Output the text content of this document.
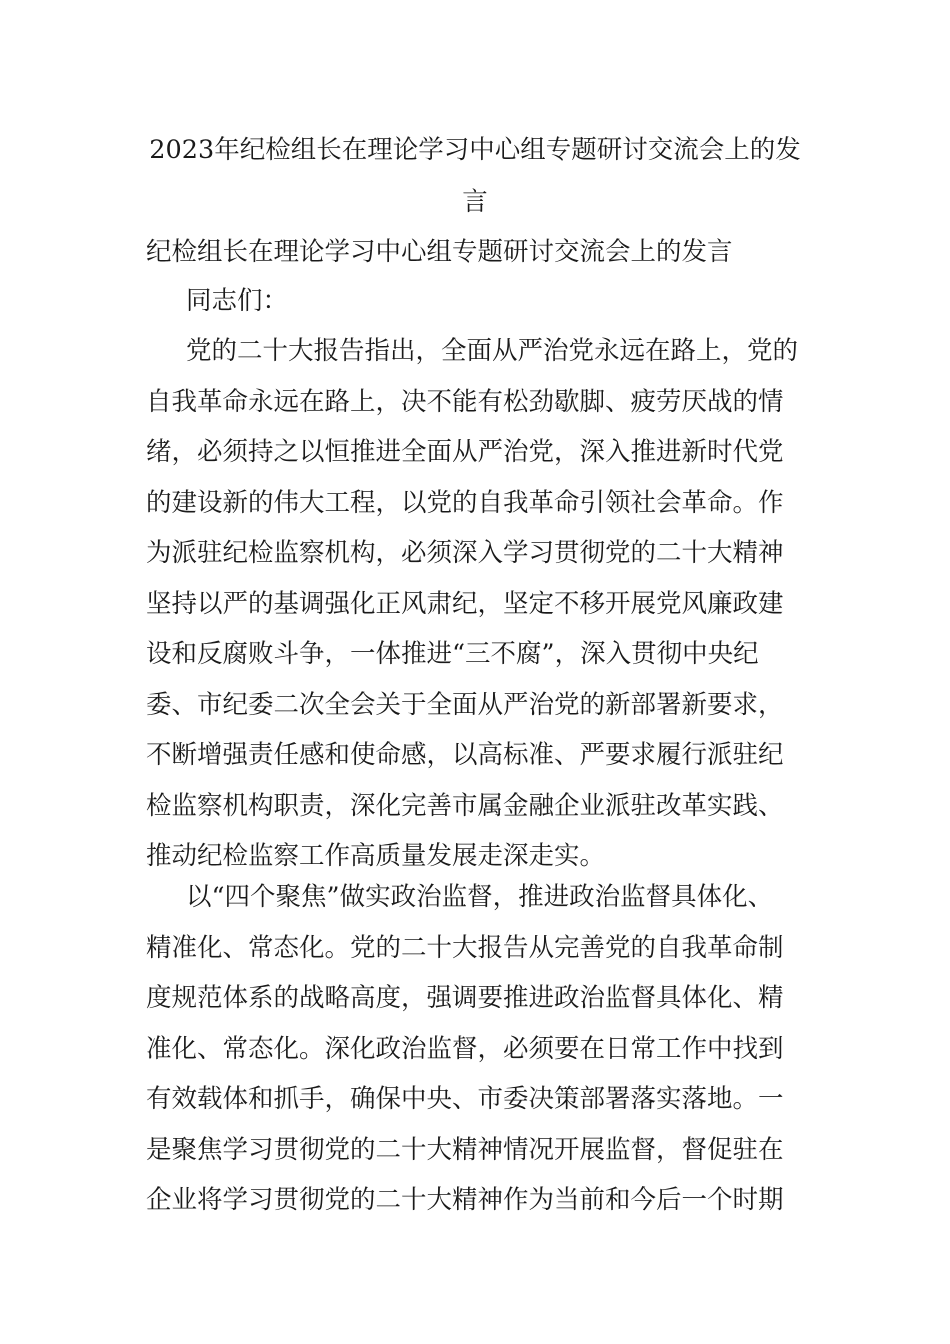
2023年纪检组长在理论学习中心组专题研讨交流会上的发
言

纪检组长在理论学习中心组专题研讨交流会上的发言

同志们：

党的二十大报告指出，全面从严治党永远在路上，党的
自我革命永远在路上，决不能有松劲歇脚、疲劳厌战的情
绪，必须持之以恒推进全面从严治党，深入推进新时代党
的建设新的伟大工程，以党的自我革命引领社会革命。作
为派驻纪检监察机构，必须深入学习贯彻党的二十大精神
坚持以严的基调强化正风肃纪，坚定不移开展党风廉政建
设和反腐败斗争，一体推进“三不腐”，深入贯彻中央纪
委、市纪委二次全会关于全面从严治党的新部署新要求，
不断增强责任感和使命感，以高标准、严要求履行派驻纪
检监察机构职责，深化完善市属金融企业派驻改革实践、
推动纪检监察工作高质量发展走深走实。
以“四个聚焦”做实政治监督，推进政治监督具体化、
精准化、常态化。党的二十大报告从完善党的自我革命制
度规范体系的战略高度，强调要推进政治监督具体化、精
准化、常态化。深化政治监督，必须要在日常工作中找到
有效载体和抓手，确保中央、市委决策部署落实落地。一
是聚焦学习贯彻党的二十大精神情况开展监督，督促驻在
企业将学习贯彻党的二十大精神作为当前和今后一个时期
